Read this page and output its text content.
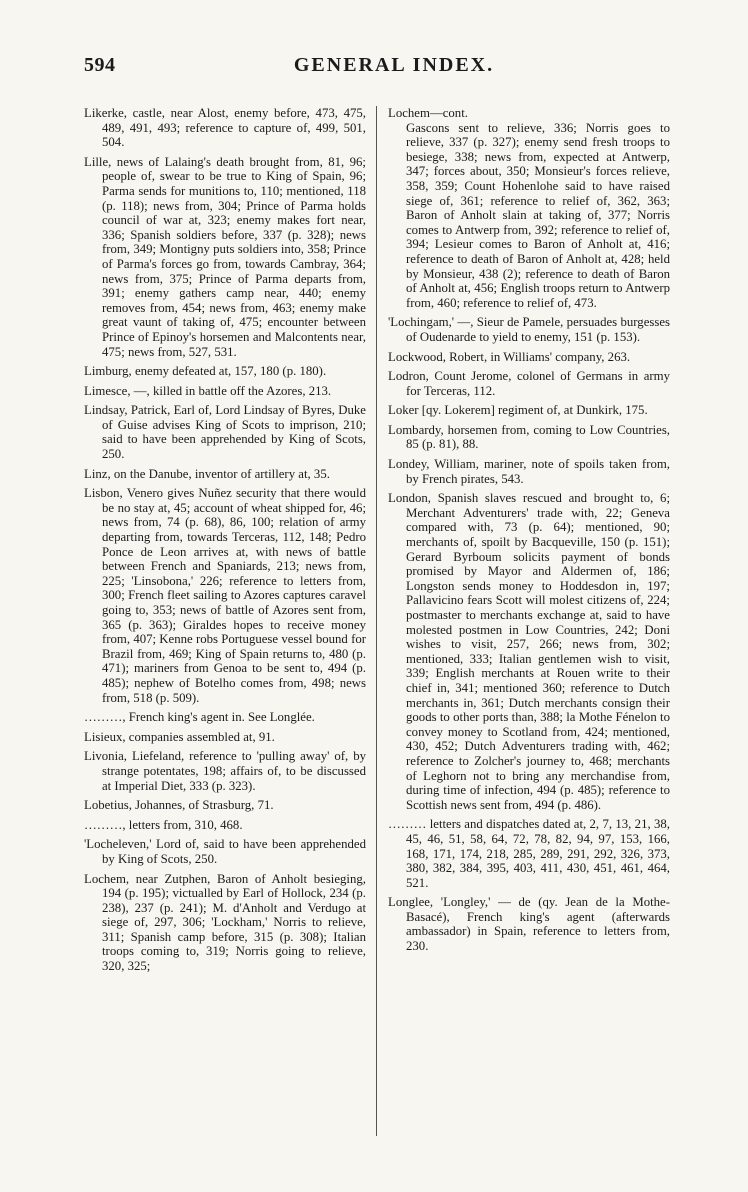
594	GENERAL INDEX.

Likerke, castle, near Alost, enemy before, 473, 475, 489, 491, 493; reference to capture of, 499, 501, 504.

Lille, news of Lalaing's death brought from, 81, 96; people of, swear to be true to King of Spain, 96; Parma sends for munitions to, 110; mentioned, 118 (p. 118); news from, 304; Prince of Parma holds council of war at, 323; enemy makes fort near, 336; Spanish soldiers before, 337 (p. 328); news from, 349; Montigny puts soldiers into, 358; Prince of Parma's forces go from, towards Cambray, 364; news from, 375; Prince of Parma departs from, 391; enemy gathers camp near, 440; enemy removes from, 454; news from, 463; enemy make great vaunt of taking of, 475; encounter between Prince of Epinoy's horsemen and Malcontents near, 475; news from, 527, 531.

Limburg, enemy defeated at, 157, 180 (p. 180).

Limesce, —, killed in battle off the Azores, 213.

Lindsay, Patrick, Earl of, Lord Lindsay of Byres, Duke of Guise advises King of Scots to imprison, 210; said to have been apprehended by King of Scots, 250.

Linz, on the Danube, inventor of artillery at, 35.

Lisbon, Venero gives Nuñez security that there would be no stay at, 45; account of wheat shipped for, 46; news from, 74 (p. 68), 86, 100; relation of army departing from, towards Terceras, 112, 148; Pedro Ponce de Leon arrives at, with news of battle between French and Spaniards, 213; news from, 225; 'Linsobona,' 226; reference to letters from, 300; French fleet sailing to Azores captures caravel going to, 353; news of battle of Azores sent from, 365 (p. 363); Giraldes hopes to receive money from, 407; Kenne robs Portuguese vessel bound for Brazil from, 469; King of Spain returns to, 480 (p. 471); mariners from Genoa to be sent to, 494 (p. 485); nephew of Botelho comes from, 498; news from, 518 (p. 509).

………, French king's agent in. See Longlée.

Lisieux, companies assembled at, 91.

Livonia, Liefeland, reference to 'pulling away' of, by strange potentates, 198; affairs of, to be discussed at Imperial Diet, 333 (p. 323).

Lobetius, Johannes, of Strasburg, 71.

………, letters from, 310, 468.

'Locheleven,' Lord of, said to have been apprehended by King of Scots, 250.

Lochem, near Zutphen, Baron of Anholt besieging, 194 (p. 195); victualled by Earl of Hollock, 234 (p. 238), 237 (p. 241); M. d'Anholt and Verdugo at siege of, 297, 306; 'Lockham,' Norris to relieve, 311; Spanish camp before, 315 (p. 308); Italian troops coming to, 319; Norris going to relieve, 320, 325;

Lochem—cont.

Gascons sent to relieve, 336; Norris goes to relieve, 337 (p. 327); enemy send fresh troops to besiege, 338; news from, expected at Antwerp, 347; forces about, 350; Monsieur's forces relieve, 358, 359; Count Hohenlohe said to have raised siege of, 361; reference to relief of, 362, 363; Baron of Anholt slain at taking of, 377; Norris comes to Antwerp from, 392; reference to relief of, 394; Lesieur comes to Baron of Anholt at, 416; reference to death of Baron of Anholt at, 428; held by Monsieur, 438 (2); reference to death of Baron of Anholt at, 456; English troops return to Antwerp from, 460; reference to relief of, 473.

'Lochingam,' —, Sieur de Pamele, persuades burgesses of Oudenarde to yield to enemy, 151 (p. 153).

Lockwood, Robert, in Williams' company, 263.

Lodron, Count Jerome, colonel of Germans in army for Terceras, 112.

Loker [qy. Lokerem] regiment of, at Dunkirk, 175.

Lombardy, horsemen from, coming to Low Countries, 85 (p. 81), 88.

Londey, William, mariner, note of spoils taken from, by French pirates, 543.

London, Spanish slaves rescued and brought to, 6; Merchant Adventurers' trade with, 22; Geneva compared with, 73 (p. 64); mentioned, 90; merchants of, spoilt by Bacqueville, 150 (p. 151); Gerard Byrboum solicits payment of bonds promised by Mayor and Aldermen of, 186; Longston sends money to Hoddesdon in, 197; Pallavicino fears Scott will molest citizens of, 224; postmaster to merchants exchange at, said to have molested postmen in Low Countries, 242; Doni wishes to visit, 257, 266; news from, 302; mentioned, 333; Italian gentlemen wish to visit, 339; English merchants at Rouen write to their chief in, 341; mentioned 360; reference to Dutch merchants in, 361; Dutch merchants consign their goods to other ports than, 388; la Mothe Fénelon to convey money to Scotland from, 424; mentioned, 430, 452; Dutch Adventurers trading with, 462; reference to Zolcher's journey to, 468; merchants of Leghorn not to bring any merchandise from, during time of infection, 494 (p. 485); reference to Scottish news sent from, 494 (p. 486).

……… letters and dispatches dated at, 2, 7, 13, 21, 38, 45, 46, 51, 58, 64, 72, 78, 82, 94, 97, 153, 166, 168, 171, 174, 218, 285, 289, 291, 292, 326, 373, 380, 382, 384, 395, 403, 411, 430, 451, 461, 464, 521.

Longlee, 'Longley,' — de (qy. Jean de la Mothe-Basaсé), French king's agent (afterwards ambassador) in Spain, reference to letters from, 230.
